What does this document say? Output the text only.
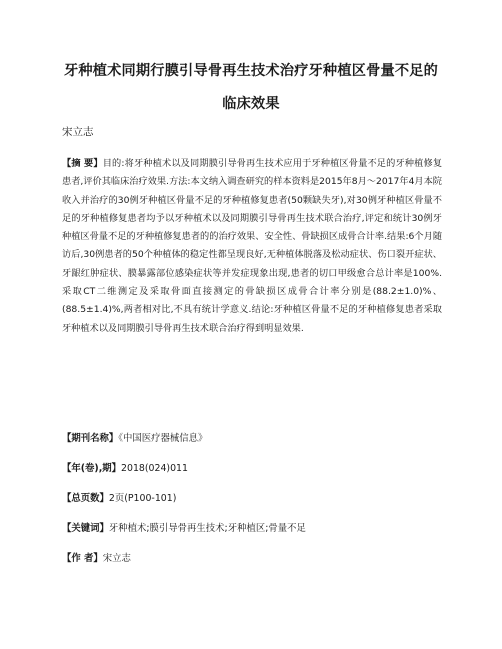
牙种植术同期行膜引导骨再生技术治疗牙种植区骨量不足的临床效果
宋立志
【摘 要】目的:将牙种植术以及同期膜引导骨再生技术应用于牙种植区骨量不足的牙种植修复患者,评价其临床治疗效果.方法:本文纳入调查研究的样本资料是2015年8月～2017年4月本院收入并治疗的30例牙种植区骨量不足的牙种植修复患者(50颗缺失牙),对30例牙种植区骨量不足的牙种植修复患者均予以牙种植术以及同期膜引导骨再生技术联合治疗,评定和统计30例牙种植区骨量不足的牙种植修复患者的的治疗效果、安全性、骨缺损区成骨合计率.结果:6个月随访后,30例患者的50个种植体的稳定性都呈现良好,无种植体脱落及松动症状、伤口裂开症状、牙龈红肿症状、膜暴露部位感染症状等并发症现象出现,患者的切口甲级愈合总计率是100%.采取CT二维测定及采取骨面直接测定的骨缺损区成骨合计率分别是(88.2±1.0)%、(88.5±1.4)%,两者相对比,不具有统计学意义.结论:牙种植区骨量不足的牙种植修复患者采取牙种植术以及同期膜引导骨再生技术联合治疗得到明显效果.
【期刊名称】《中国医疗器械信息》
【年(卷),期】2018(024)011
【总页数】2页(P100-101)
【关键词】牙种植术;膜引导骨再生技术;牙种植区;骨量不足
【作 者】宋立志
